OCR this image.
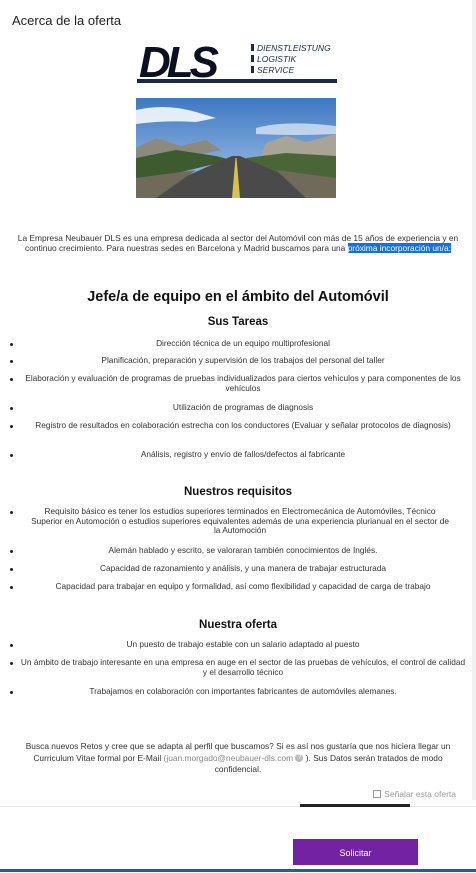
Acerca de la oferta
DLS	DIENSTLEISTUNG
LOGISTIK
SERVICE
La Empresa Neubauer DLS es una empresa dedicada al sector del Automóvil con más de 15 años de experiencia y en continuo crecimiento. Para nuestras sedes en Barcelona y Madrid buscamos para una próxima incorporación un/a:
Jefe/a de equipo en el ámbito del Automóvil
Sus Tareas
Dirección técnica de un equipo multiprofesional
Planificación, preparación y supervisión de los trabajos del personal del taller
Elaboración y evaluación de programas de pruebas individualizados para ciertos vehículos y para componentes de los vehículos
Utilización de programas de diagnosis
Registro de resultados en colaboración estrecha con los conductores (Evaluar y señalar protocolos de diagnosis)
Análisis, registro y envío de fallos/defectos al fabricante
Nuestros requisitos
Requisito básico es tener los estudios superiores terminados en Electromecánica de Automóviles, Técnico Superior en Automoción o estudios superiores equivalentes además de una experiencia plurianual en el sector de la Automoción
Alemán hablado y escrito, se valoraran también conocimientos de Inglés.
Capacidad de razonamiento y análisis, y una manera de trabajar estructurada
Capacidad para trabajar en equipo y formalidad, así como flexibilidad y capacidad de carga de trabajo
Nuestra oferta
Un puesto de trabajo estable con un salario adaptado al puesto
Un ámbito de trabajo interesante en una empresa en auge en el sector de las pruebas de vehículos, el control de calidad y el desarrollo técnico
Trabajamos en colaboración con importantes fabricantes de automóviles alemanes.
Busca nuevos Retos y cree que se adapta al perfil que buscamos? Si es así nos gustaría que nos hiciera llegar un Curriculum Vitae formal por E-Mail (juan.morgado@neubauer-dls.com ? ). Sus Datos serán tratados de modo confidencial.
Señalar esta oferta
Solicitar
